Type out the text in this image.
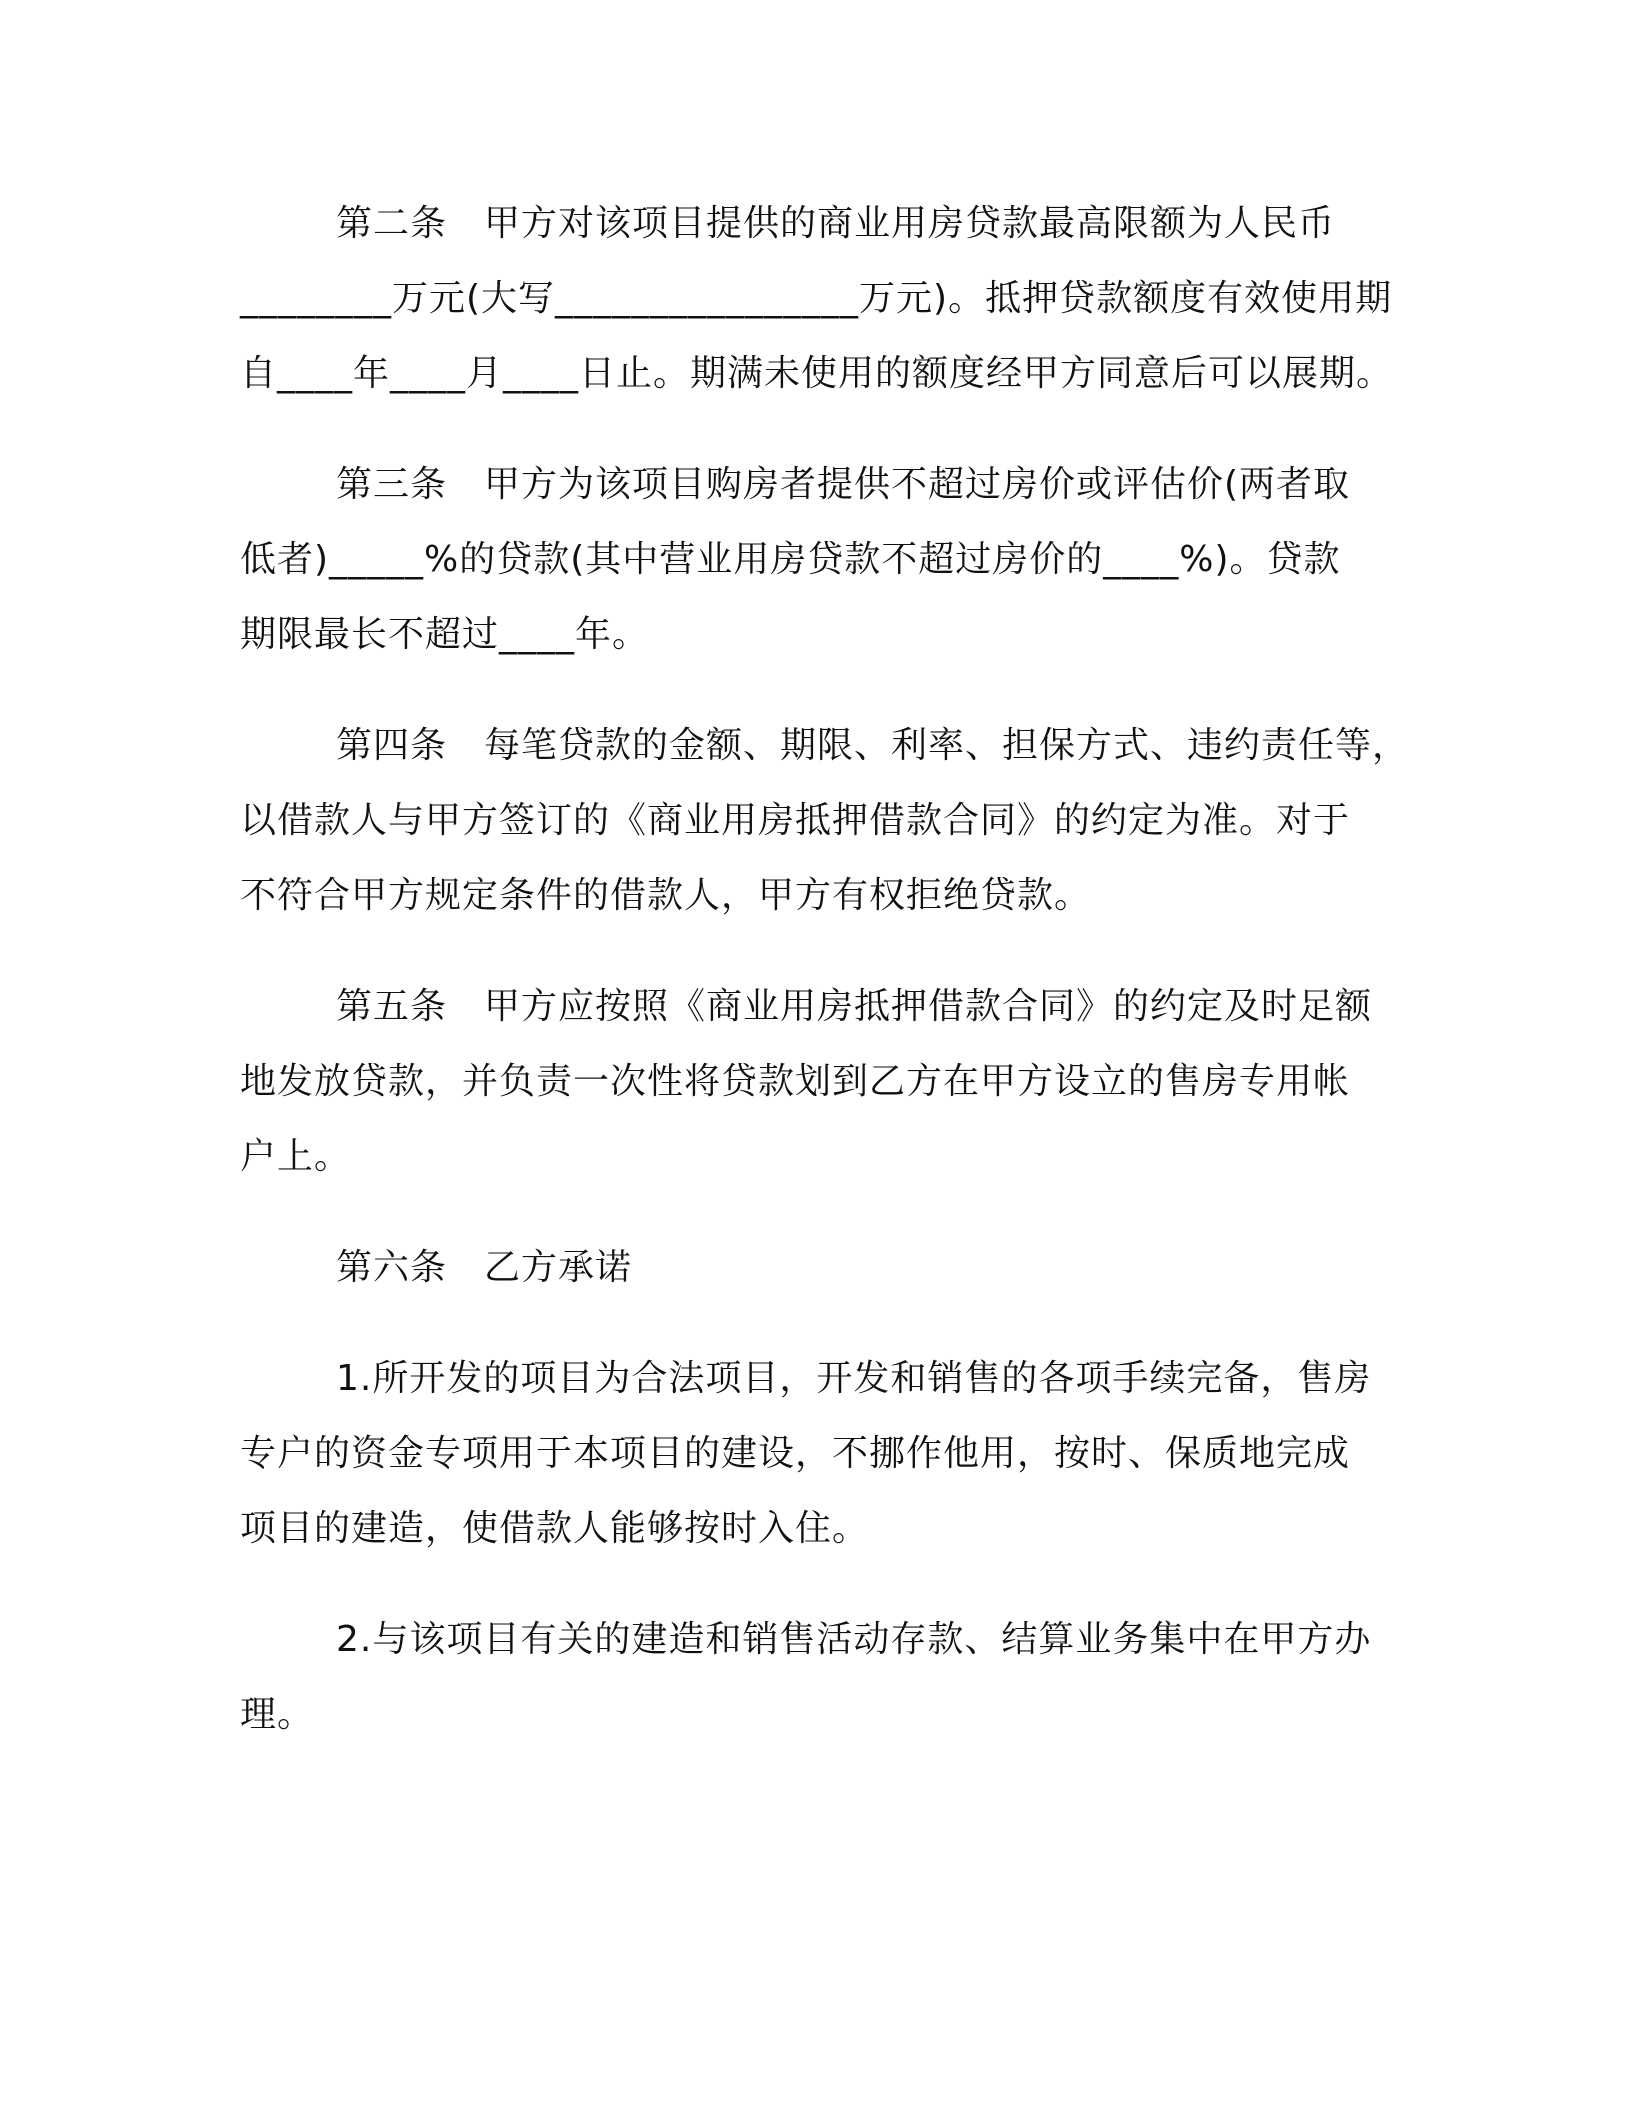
第二条　甲方对该项目提供的商业用房贷款最高限额为人民币
________万元(大写________________万元)。抵押贷款额度有效使用期
自____年____月____日止。期满未使用的额度经甲方同意后可以展期。
第三条　甲方为该项目购房者提供不超过房价或评估价(两者取
低者)_____%的贷款(其中营业用房贷款不超过房价的____%)。贷款
期限最长不超过____年。
第四条　每笔贷款的金额、期限、利率、担保方式、违约责任等，
以借款人与甲方签订的《商业用房抵押借款合同》的约定为准。对于
不符合甲方规定条件的借款人，甲方有权拒绝贷款。
第五条　甲方应按照《商业用房抵押借款合同》的约定及时足额
地发放贷款，并负责一次性将贷款划到乙方在甲方设立的售房专用帐
户上。
第六条　乙方承诺
1.所开发的项目为合法项目，开发和销售的各项手续完备，售房
专户的资金专项用于本项目的建设，不挪作他用，按时、保质地完成
项目的建造，使借款人能够按时入住。
2.与该项目有关的建造和销售活动存款、结算业务集中在甲方办
理。
